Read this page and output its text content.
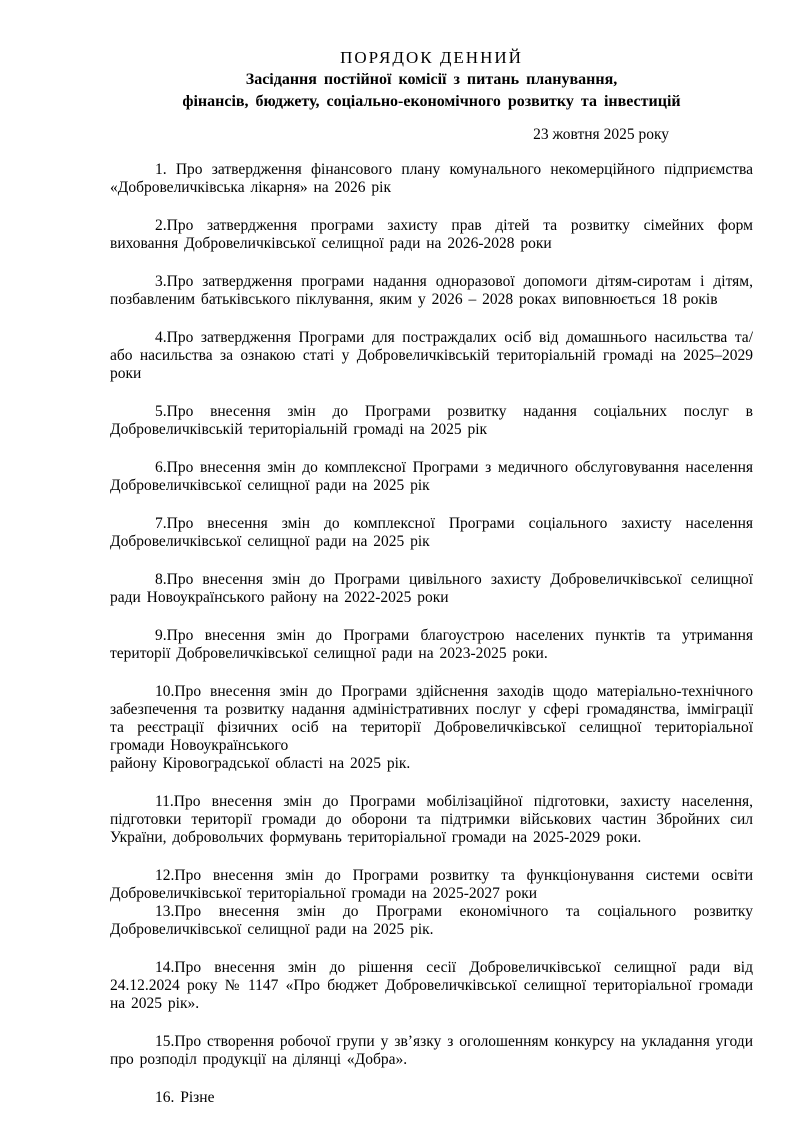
ПОРЯДОК ДЕННИЙ

Засідання постійної комісії з питань планування,

фінансів, бюджету, соціально-економічного розвитку та інвестицій

23 жовтня 2025 року

1. Про затвердження фінансового плану комунального некомерційного підприємства «Добровеличківська лікарня» на 2026 рік

2.Про затвердження програми захисту прав дітей та розвитку сімейних форм виховання Добровеличківської селищної ради на 2026-2028 роки

3.Про затвердження програми надання одноразової допомоги дітям-сиротам і дітям, позбавленим батьківського піклування, яким у 2026 – 2028 роках виповнюється 18 років

4.Про затвердження Програми для постраждалих осіб від домашнього насильства та/або насильства за ознакою статі у Добровеличківській територіальній громаді на 2025–2029 роки

5.Про внесення змін до Програми розвитку надання соціальних послуг в Добровеличківській територіальній громаді на 2025 рік

6.Про внесення змін до комплексної Програми з медичного обслуговування населення Добровеличківської селищної ради на 2025 рік

7.Про внесення змін до комплексної Програми соціального захисту населення Добровеличківської селищної ради на 2025 рік

8.Про внесення змін до Програми цивільного захисту Добровеличківської селищної ради Новоукраїнського району на 2022-2025 роки

9.Про внесення змін до Програми благоустрою населених пунктів та утримання території Добровеличківської селищної ради на 2023-2025 роки.

10.Про внесення змін до Програми здійснення заходів щодо матеріально-технічного забезпечення та розвитку надання адміністративних послуг у сфері громадянства, імміграції та реєстрації фізичних осіб на території Добровеличківської селищної територіальної громади Новоукраїнського

району Кіровоградської області на 2025 рік.

11.Про внесення змін до Програми мобілізаційної підготовки, захисту населення, підготовки території громади до оборони та підтримки військових частин Збройних сил України, добровольчих формувань територіальної громади на 2025-2029 роки.

12.Про внесення змін до Програми розвитку та функціонування системи освіти Добровеличківської територіальної громади на 2025-2027 роки

13.Про внесення змін до Програми економічного та соціального розвитку Добровеличківської селищної ради на 2025 рік.

14.Про внесення змін до рішення сесії Добровеличківської селищної ради від 24.12.2024 року № 1147 «Про бюджет Добровеличківської селищної територіальної громади на 2025 рік».

15.Про створення робочої групи у зв’язку з оголошенням конкурсу на укладання угоди про розподіл продукції на ділянці «Добра».

16. Різне
